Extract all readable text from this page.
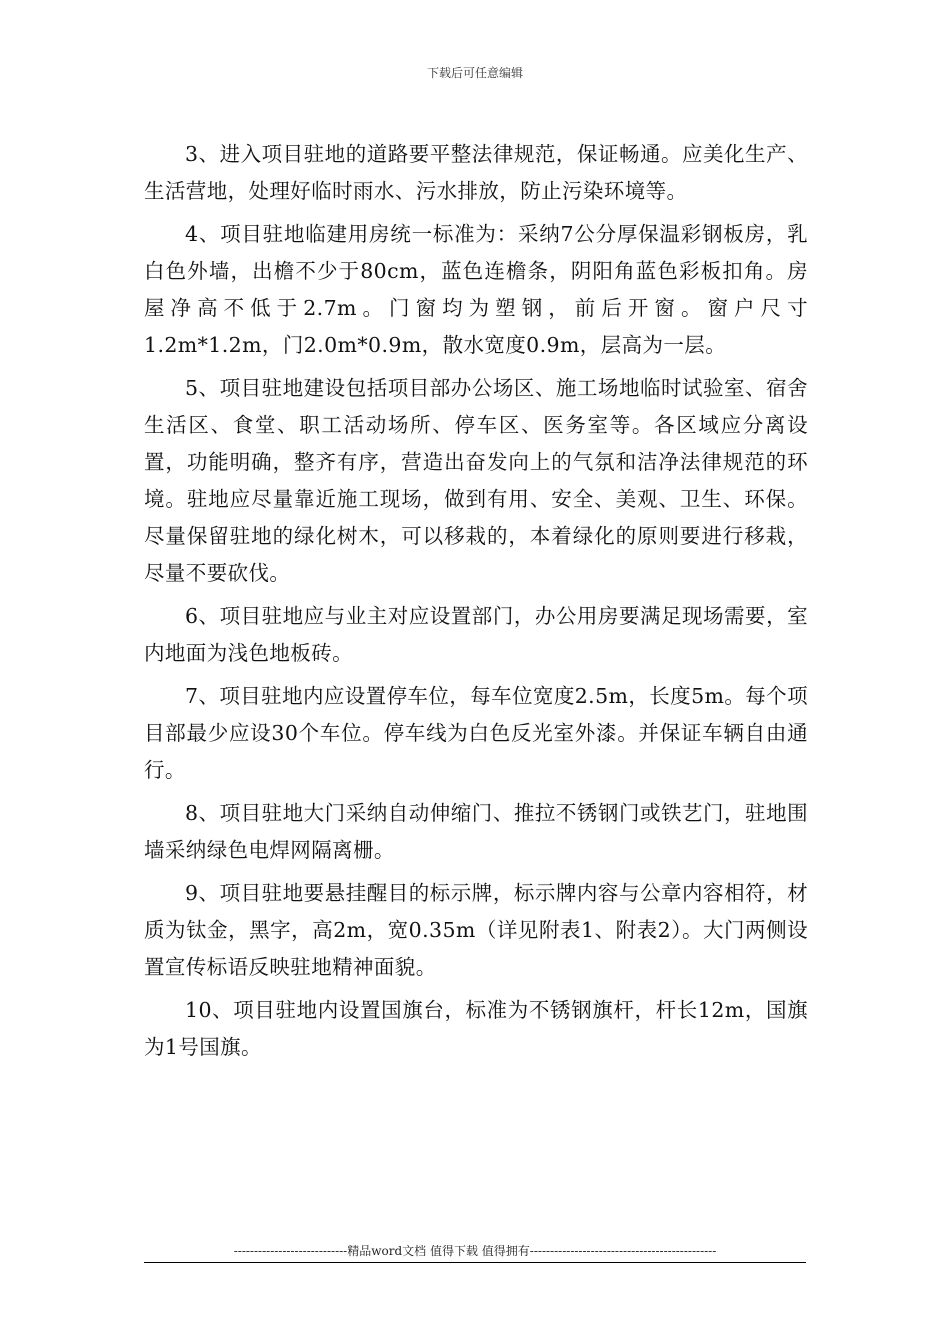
下载后可任意编辑

3、进入项目驻地的道路要平整法律规范，保证畅通。应美化生产、生活营地，处理好临时雨水、污水排放，防止污染环境等。

4、项目驻地临建用房统一标准为：采纳7公分厚保温彩钢板房，乳白色外墙，出檐不少于80cm，蓝色连檐条，阴阳角蓝色彩板扣角。房屋净高不低于2.7m。门窗均为塑钢，前后开窗。窗户尺寸1.2m*1.2m，门2.0m*0.9m，散水宽度0.9m，层高为一层。

5、项目驻地建设包括项目部办公场区、施工场地临时试验室、宿舍生活区、食堂、职工活动场所、停车区、医务室等。各区域应分离设置，功能明确，整齐有序，营造出奋发向上的气氛和洁净法律规范的环境。驻地应尽量靠近施工现场，做到有用、安全、美观、卫生、环保。尽量保留驻地的绿化树木，可以移栽的，本着绿化的原则要进行移栽，尽量不要砍伐。

6、项目驻地应与业主对应设置部门，办公用房要满足现场需要，室内地面为浅色地板砖。

7、项目驻地内应设置停车位，每车位宽度2.5m，长度5m。每个项目部最少应设30个车位。停车线为白色反光室外漆。并保证车辆自由通行。

8、项目驻地大门采纳自动伸缩门、推拉不锈钢门或铁艺门，驻地围墙采纳绿色电焊网隔离栅。

9、项目驻地要悬挂醒目的标示牌，标示牌内容与公章内容相符，材质为钛金，黑字，高2m，宽0.35m（详见附表1、附表2）。大门两侧设置宣传标语反映驻地精神面貌。

10、项目驻地内设置国旗台，标准为不锈钢旗杆，杆长12m，国旗为1号国旗。

----------------------------精品word文档 值得下载 值得拥有----------------------------------------------
